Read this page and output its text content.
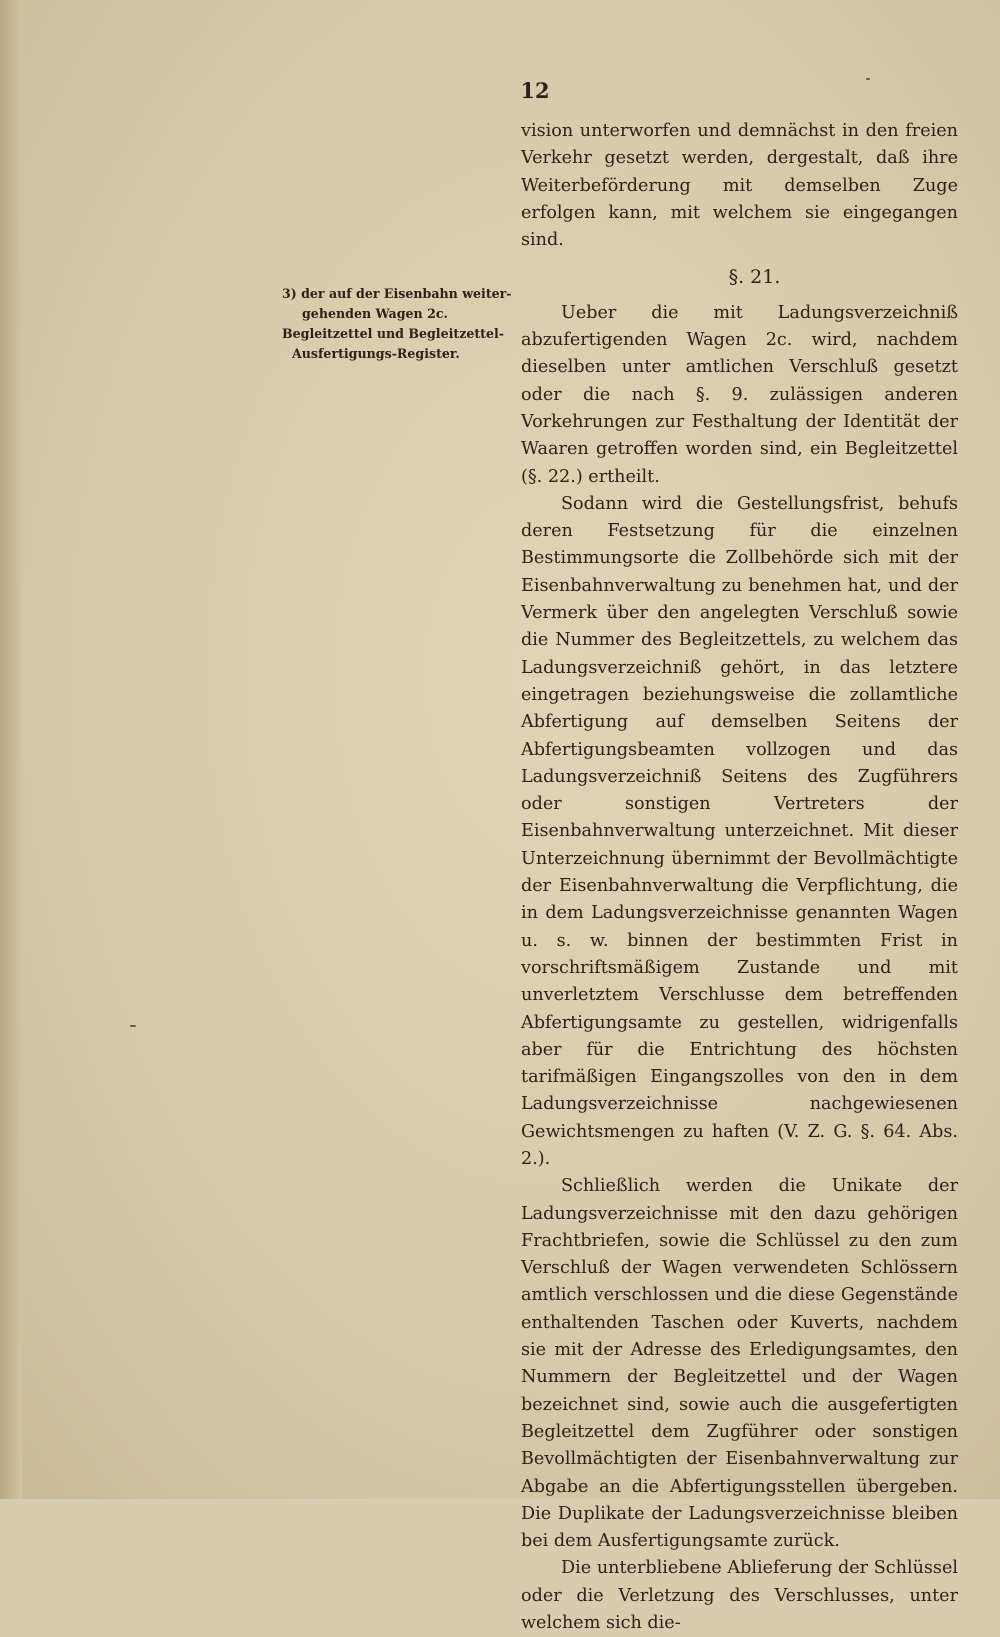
12
3) der auf der Eisenbahn weiter-
gehenden Wagen 2c.
Begleitzettel und Begleitzettel-
Ausfertigungs-Register.

vision unterworfen und demnächst in den freien Verkehr gesetzt werden, dergestalt, daß ihre Weiterbeförderung mit demselben Zuge erfolgen kann, mit welchem sie eingegangen sind.

§. 21.

Ueber die mit Ladungsverzeichniß abzufertigenden Wagen 2c. wird, nachdem dieselben unter amtlichen Verschluß gesetzt oder die nach §. 9. zulässigen anderen Vorkehrungen zur Festhaltung der Identität der Waaren getroffen worden sind, ein Begleitzettel (§. 22.) ertheilt.

Sodann wird die Gestellungsfrist, behufs deren Festsetzung für die einzelnen Bestimmungsorte die Zollbehörde sich mit der Eisenbahnverwaltung zu benehmen hat, und der Vermerk über den angelegten Verschluß sowie die Nummer des Begleitzettels, zu welchem das Ladungsverzeichniß gehört, in das letztere eingetragen beziehungsweise die zollamtliche Abfertigung auf demselben Seitens der Abfertigungsbeamten vollzogen und das Ladungsverzeichniß Seitens des Zugführers oder sonstigen Vertreters der Eisenbahnverwaltung unterzeichnet. Mit dieser Unterzeichnung übernimmt der Bevollmächtigte der Eisenbahnverwaltung die Verpflichtung, die in dem Ladungsverzeichnisse genannten Wagen u. s. w. binnen der bestimmten Frist in vorschriftsmäßigem Zustande und mit unverletztem Verschlusse dem betreffenden Abfertigungsamte zu gestellen, widrigenfalls aber für die Entrichtung des höchsten tarifmäßigen Eingangszolles von den in dem Ladungsverzeichnisse nachgewiesenen Gewichtsmengen zu haften (V. Z. G. §. 64. Abs. 2.).

Schließlich werden die Unikate der Ladungsverzeichnisse mit den dazu gehörigen Frachtbriefen, sowie die Schlüssel zu den zum Verschluß der Wagen verwendeten Schlössern amtlich verschlossen und die diese Gegenstände enthaltenden Taschen oder Kuverts, nachdem sie mit der Adresse des Erledigungsamtes, den Nummern der Begleitzettel und der Wagen bezeichnet sind, sowie auch die ausgefertigten Begleitzettel dem Zugführer oder sonstigen Bevollmächtigten der Eisenbahnverwaltung zur Abgabe an die Abfertigungsstellen übergeben. Die Duplikate der Ladungsverzeichnisse bleiben bei dem Ausfertigungsamte zurück.

Die unterbliebene Ablieferung der Schlüssel oder die Verletzung des Verschlusses, unter welchem sich die-
